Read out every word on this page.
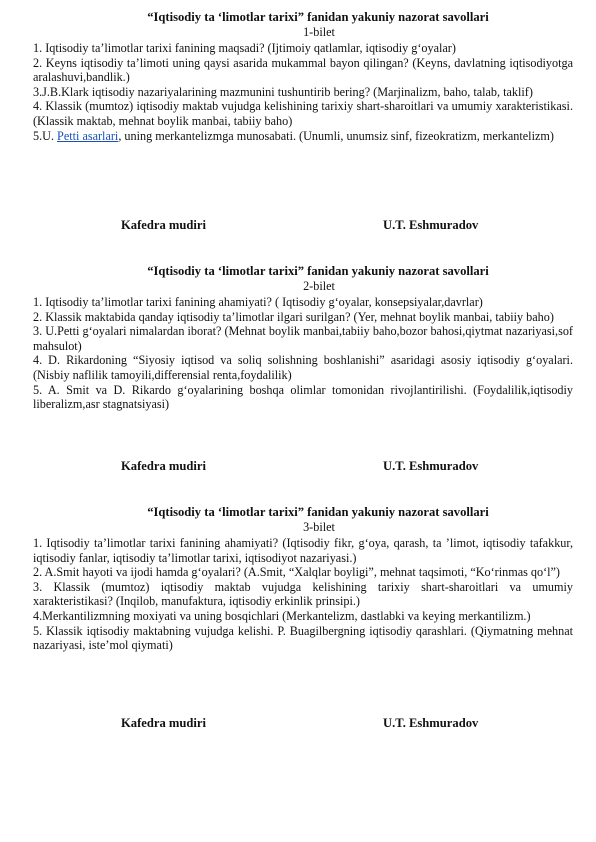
“Iqtisodiy ta ‘limotlar tarixi” fanidan yakuniy nazorat savollari
1-bilet

1. Iqtisodiy ta’limotlar tarixi fanining maqsadi? (Ijtimoiy qatlamlar, iqtisodiy g‘oyalar)

2. Keyns iqtisodiy ta’limoti uning qaysi asarida mukammal bayon qilingan? (Keyns, davlatning iqtisodiyotga aralashuvi,bandlik.)

3.J.B.Klark iqtisodiy nazariyalarining mazmunini tushuntirib bering? (Marjinalizm, baho, talab, taklif)

4. Klassik (mumtoz) iqtisodiy maktab vujudga kelishining tarixiy shart-sharoitlari va umumiy xarakteristikasi. (Klassik maktab, mehnat boylik manbai, tabiiy baho)

5.U. Petti asarlari, uning merkantelizmga munosabati. (Unumli, unumsiz sinf, fizeokratizm, merkantelizm)

Kafedra mudiri	U.T. Eshmuradov
“Iqtisodiy ta ‘limotlar tarixi” fanidan yakuniy nazorat savollari
2-bilet

1. Iqtisodiy ta’limotlar tarixi fanining ahamiyati? ( Iqtisodiy g‘oyalar, konsepsiyalar,davrlar)

2. Klassik maktabida qanday iqtisodiy ta’limotlar ilgari surilgan? (Yer, mehnat boylik manbai, tabiiy baho)

3. U.Petti g‘oyalari nimalardan iborat? (Mehnat boylik manbai,tabiiy baho,bozor bahosi,qiytmat nazariyasi,sof mahsulot)

4. D. Rikardoning “Siyosiy iqtisod va soliq solishning boshlanishi” asaridagi asosiy iqtisodiy g‘oyalari.(Nisbiy naflilik tamoyili,differensial renta,foydalilik)

5. A. Smit va D. Rikardo g‘oyalarining boshqa olimlar tomonidan rivojlantirilishi. (Foydalilik,iqtisodiy liberalizm,asr stagnatsiyasi)

Kafedra mudiri	U.T. Eshmuradov
“Iqtisodiy ta ‘limotlar tarixi” fanidan yakuniy nazorat savollari
3-bilet

1. Iqtisodiy ta’limotlar tarixi fanining ahamiyati? (Iqtisodiy fikr, g‘oya, qarash, ta ’limot, iqtisodiy tafakkur, iqtisodiy fanlar, iqtisodiy ta’limotlar tarixi, iqtisodiyot nazariyasi.)

2. A.Smit hayoti va ijodi hamda g‘oyalari? (A.Smit, “Xalqlar boyligi”, mehnat taqsimoti, “Ko‘rinmas qo‘l”)

3. Klassik (mumtoz) iqtisodiy maktab vujudga kelishining tarixiy shart-sharoitlari va umumiy xarakteristikasi? (Inqilob, manufaktura, iqtisodiy erkinlik prinsipi.)

4.Merkantilizmning moxiyati va uning bosqichlari (Merkantelizm, dastlabki va keying merkantilizm.)

5. Klassik iqtisodiy maktabning vujudga kelishi. P. Buagilbergning iqtisodiy qarashlari. (Qiymatning mehnat nazariyasi, iste’mol qiymati)

Kafedra mudiri	U.T. Eshmuradov
